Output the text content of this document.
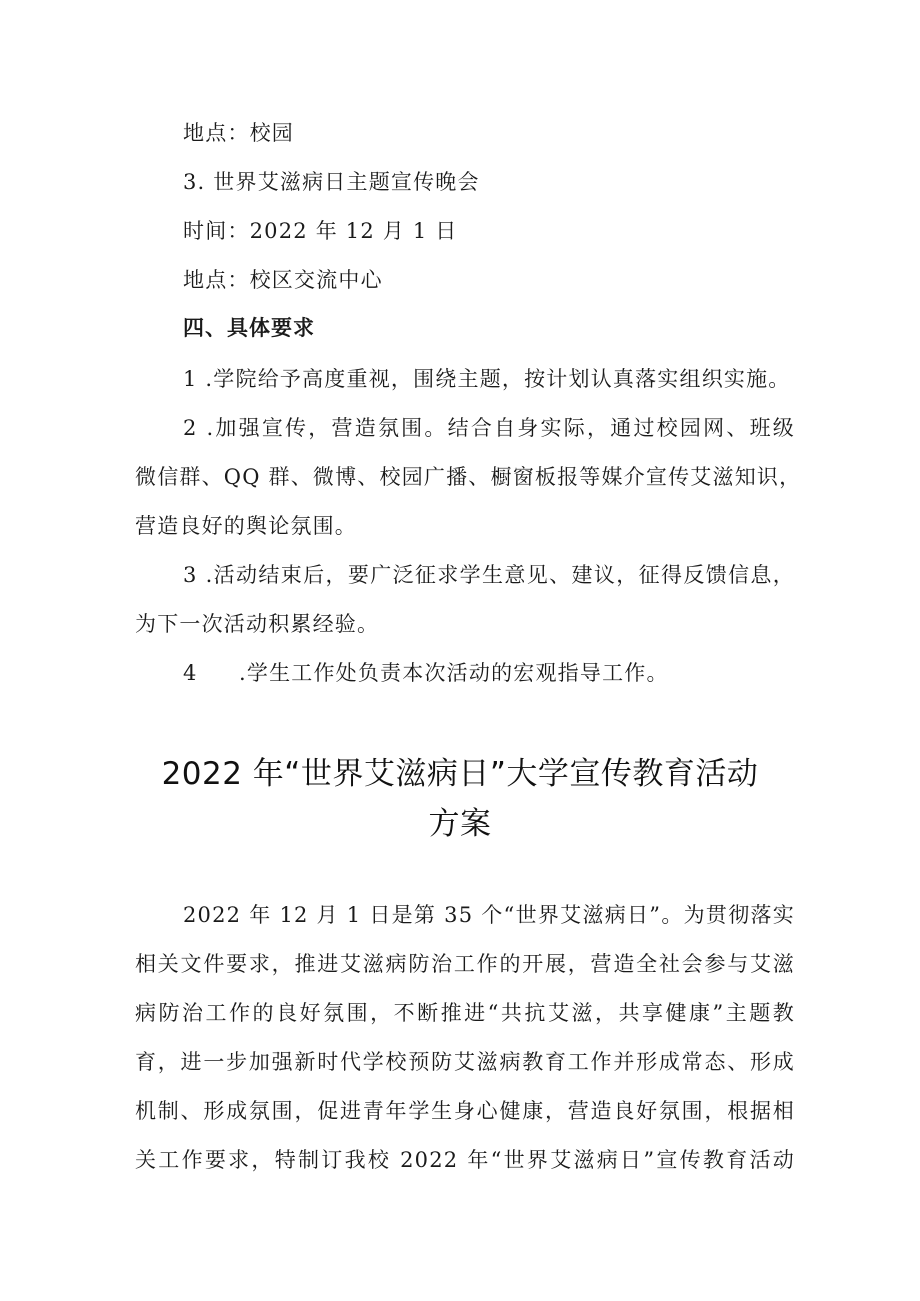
地点：校园
3. 世界艾滋病日主题宣传晚会
时间：2022 年 12 月 1 日
地点：校区交流中心
四、具体要求
1 .学院给予高度重视，围绕主题，按计划认真落实组织实施。
2 .加强宣传，营造氛围。结合自身实际，通过校园网、班级
微信群、QQ 群、微博、校园广播、橱窗板报等媒介宣传艾滋知识，
营造良好的舆论氛围。
3 .活动结束后，要广泛征求学生意见、建议，征得反馈信息，
为下一次活动积累经验。
4 .学生工作处负责本次活动的宏观指导工作。
2022 年“世界艾滋病日”大学宣传教育活动
方案
2022 年 12 月 1 日是第 35 个“世界艾滋病日”。为贯彻落实
相关文件要求，推进艾滋病防治工作的开展，营造全社会参与艾滋
病防治工作的良好氛围，不断推进“共抗艾滋，共享健康”主题教
育，进一步加强新时代学校预防艾滋病教育工作并形成常态、形成
机制、形成氛围，促进青年学生身心健康，营造良好氛围，根据相
关工作要求，特制订我校 2022 年“世界艾滋病日”宣传教育活动
